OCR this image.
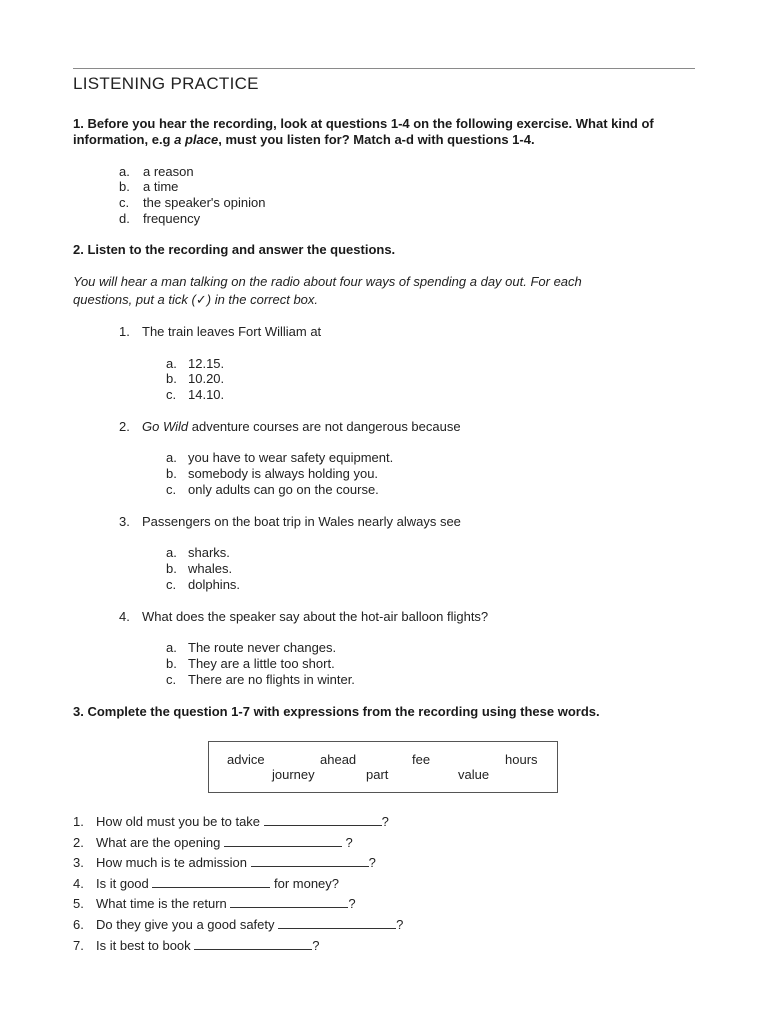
LISTENING PRACTICE
1. Before you hear the recording, look at questions 1-4 on the following exercise. What kind of information, e.g a place, must you listen for? Match a-d with questions 1-4.
a. a reason
b. a time
c. the speaker's opinion
d. frequency
2. Listen to the recording and answer the questions.
You will hear a man talking on the radio about four ways of spending a day out. For each
questions, put a tick (✓) in the correct box.
1. The train leaves Fort William at
a. 12.15.
b. 10.20.
c. 14.10.
2. Go Wild adventure courses are not dangerous because
a. you have to wear safety equipment.
b. somebody is always holding you.
c. only adults can go on the course.
3. Passengers on the boat trip in Wales nearly always see
a. sharks.
b. whales.
c. dolphins.
4. What does the speaker say about the hot-air balloon flights?
a. The route never changes.
b. They are a little too short.
c. There are no flights in winter.
3. Complete the question 1-7 with expressions from the recording using these words.
advice	ahead	fee	hours
journey	part	value
1. How old must you be to take	?
2. What are the opening	?
3. How much is te admission	?
4. Is it good	for money?
5. What time is the return	?
6. Do they give you a good safety	?
7. Is it best to book	?
